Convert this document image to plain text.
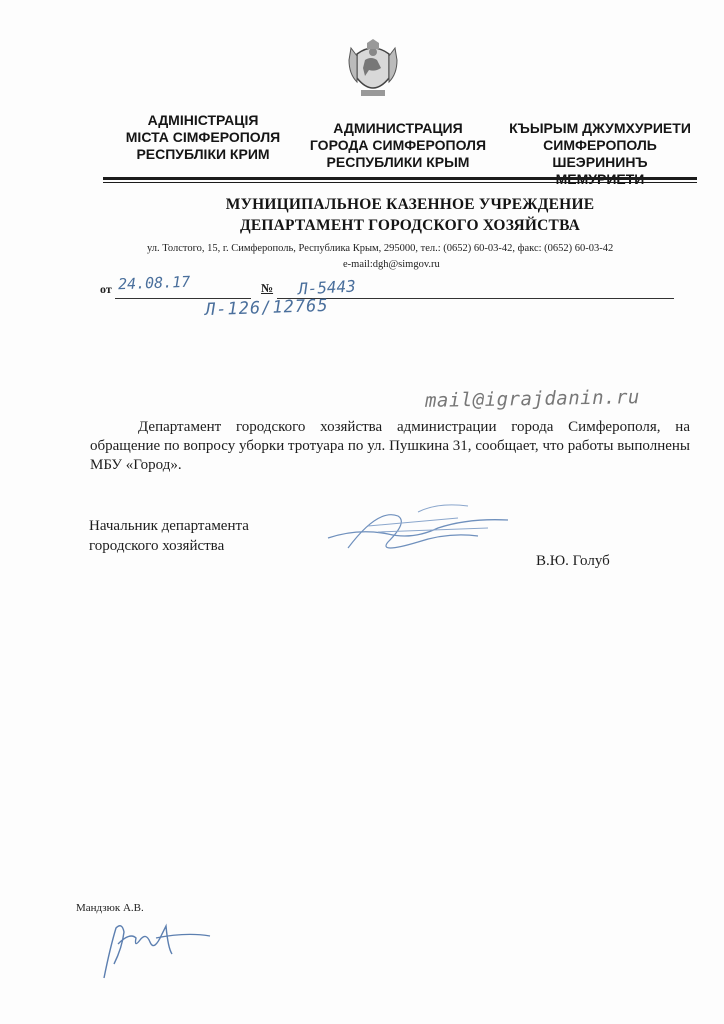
АДМІНІСТРАЦІЯ
МІСТА СІМФЕРОПОЛЯ
РЕСПУБЛІКИ КРИМ
АДМИНИСТРАЦИЯ
ГОРОДА СИМФЕРОПОЛЯ
РЕСПУБЛИКИ КРЫМ
КЪЫРЫМ ДЖУМХУРИЕТИ
СИМФЕРОПОЛЬ
ШЕЭРИНИНЪ

МУНИЦИПАЛЬНОЕ КАЗЕННОЕ УЧРЕЖДЕНИЕ
ДЕПАРТАМЕНТ ГОРОДСКОГО ХОЗЯЙСТВА
ул. Толстого, 15, г. Симферополь, Республика Крым, 295000, тел.: (0652) 60-03-42, факс: (0652) 60-03-42
e-mail:dgh@simgov.ru
от 24.08.17	№ Л-5443
Л-126/12765
mail@igrajdanin.ru

Департамент городского хозяйства администрации города Симферополя, на обращение по вопросу уборки тротуара по ул. Пушкина 31, сообщает, что работы выполнены МБУ «Город».

Начальник департамента
городского хозяйства
В.Ю. Голуб
Мандзюк А.В.
